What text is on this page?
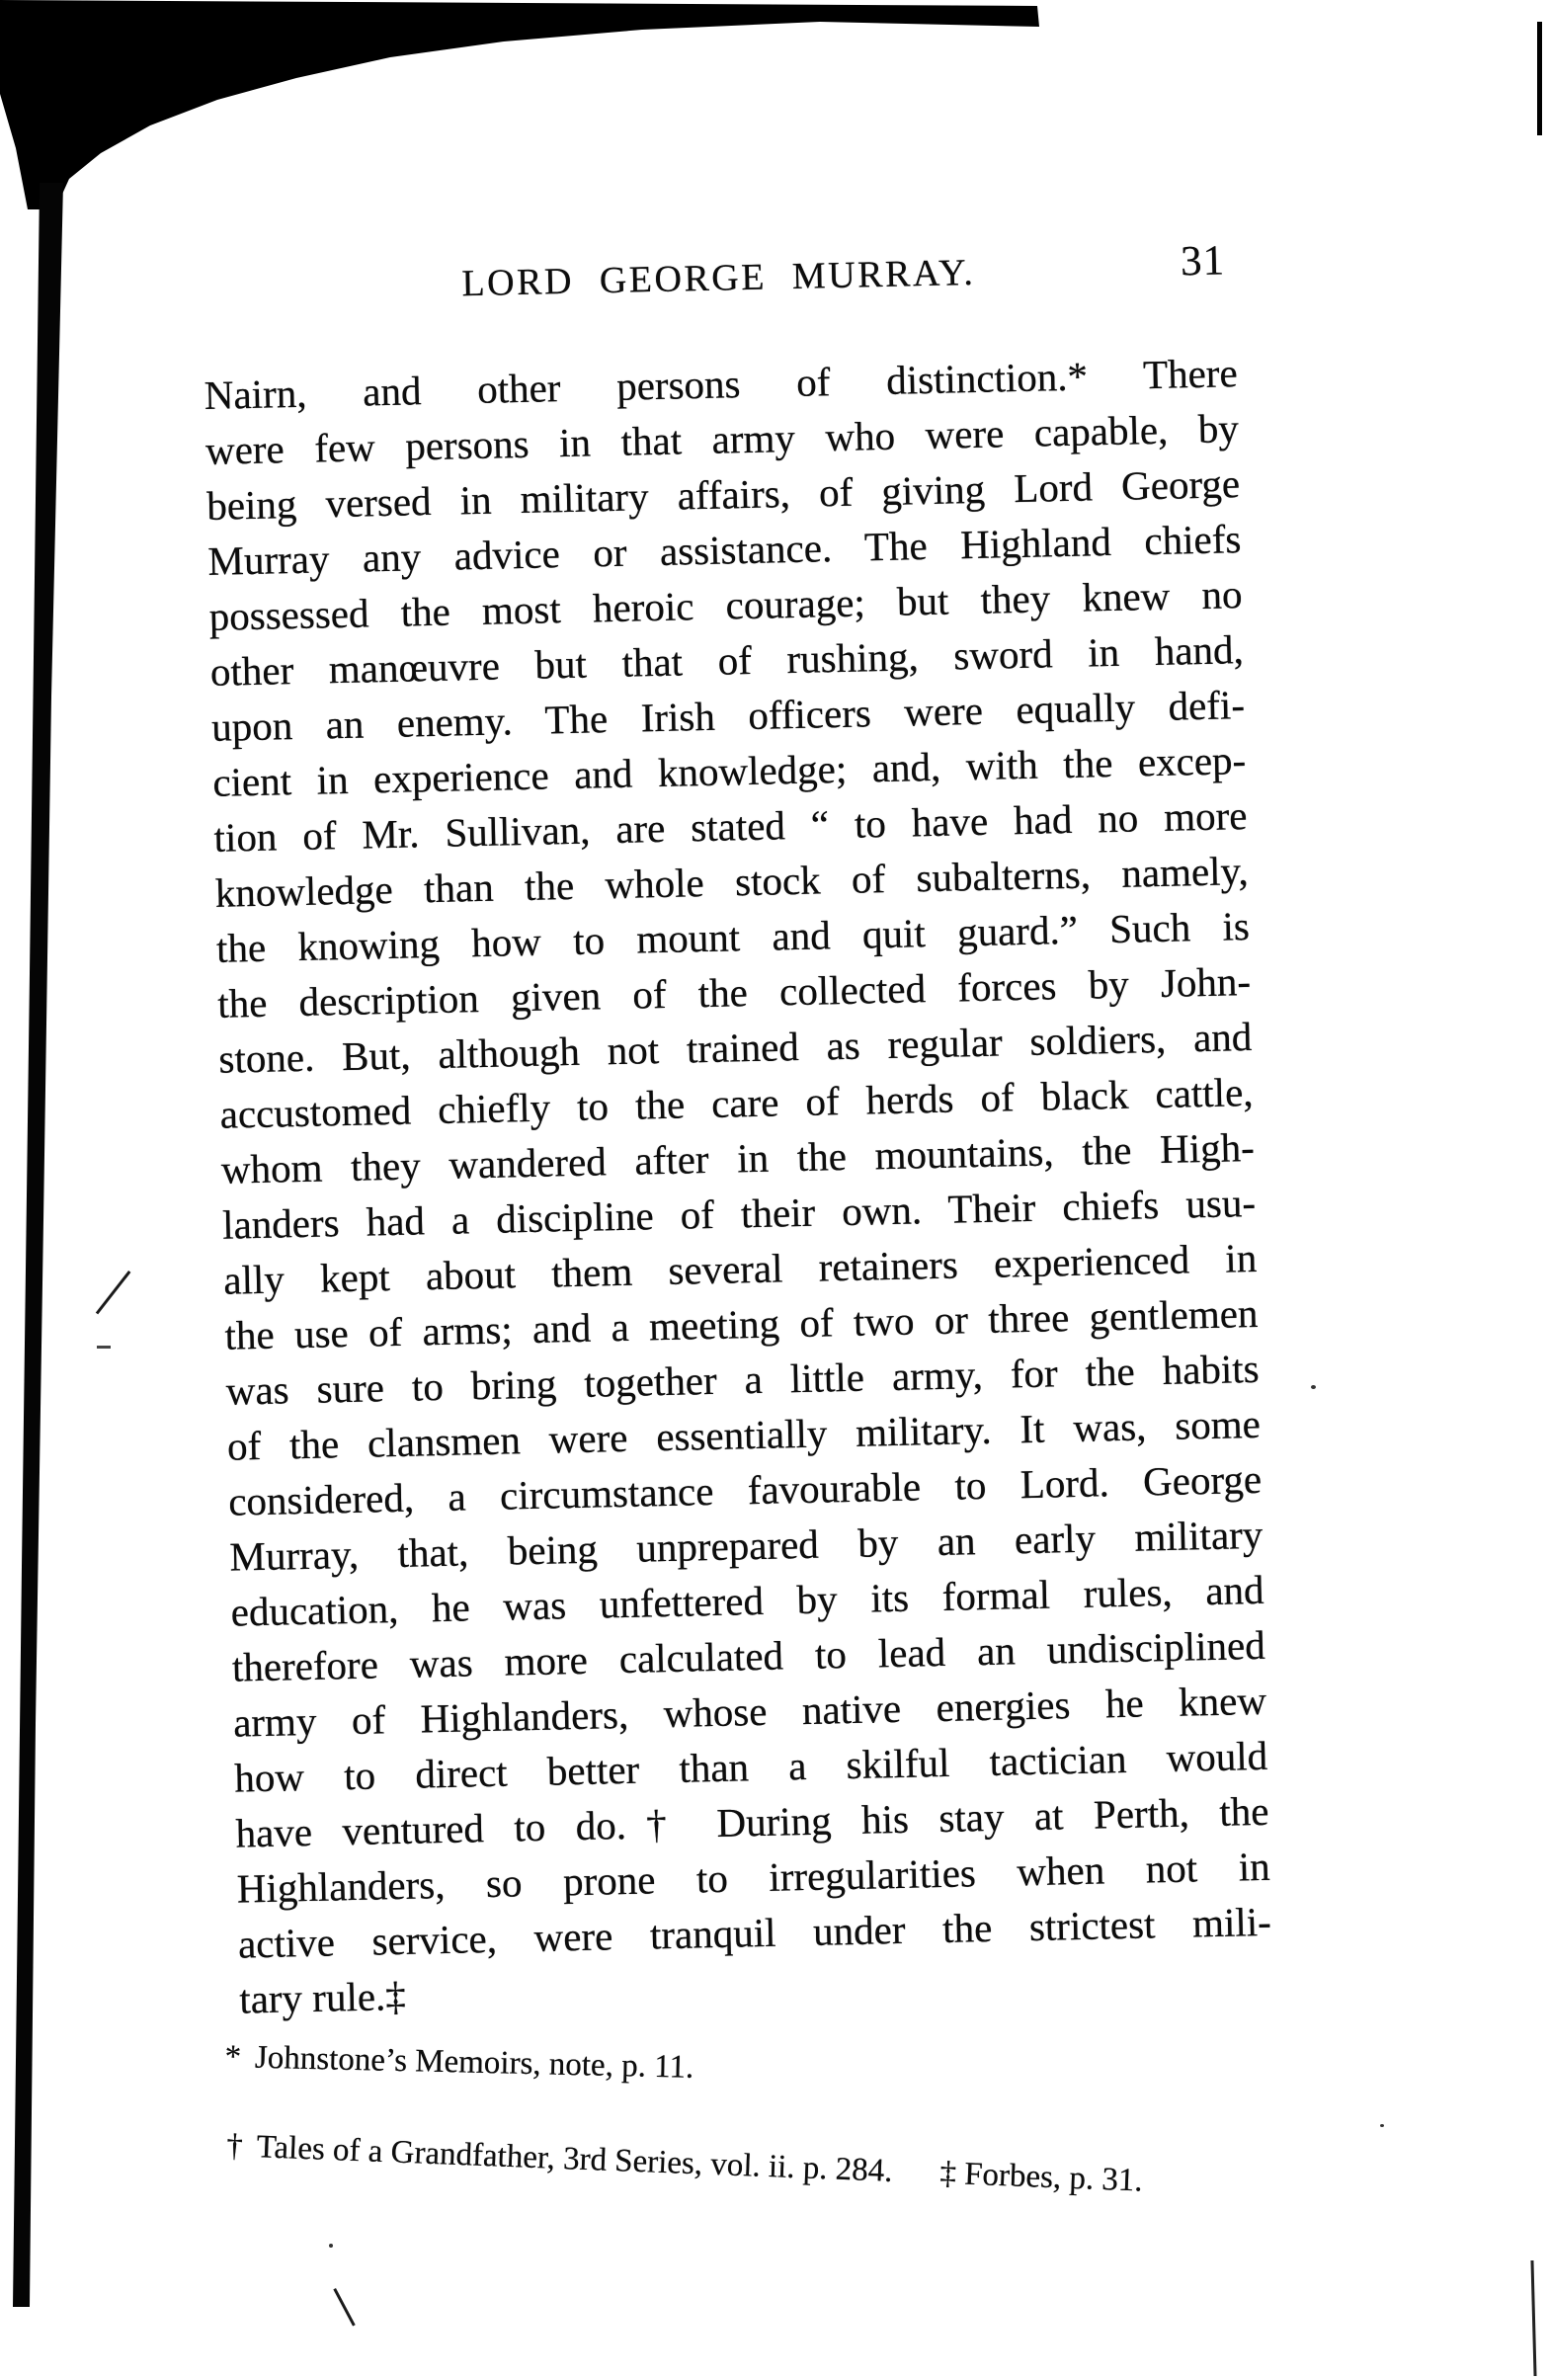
LORD GEORGE MURRAY.	31
Nairn, and other persons of distinction.* There
were few persons in that army who were capable, by
being versed in military affairs, of giving Lord George
Murray any advice or assistance. The Highland chiefs
possessed the most heroic courage; but they knew no
other manœuvre but that of rushing, sword in hand,
upon an enemy. The Irish officers were equally defi-
cient in experience and knowledge; and, with the excep-
tion of Mr. Sullivan, are stated “ to have had no more
knowledge than the whole stock of subalterns, namely,
the knowing how to mount and quit guard.” Such is
the description given of the collected forces by John-
stone. But, although not trained as regular soldiers, and
accustomed chiefly to the care of herds of black cattle,
whom they wandered after in the mountains, the High-
landers had a discipline of their own. Their chiefs usu-
ally kept about them several retainers experienced in
the use of arms; and a meeting of two or three gentlemen
was sure to bring together a little army, for the habits
of the clansmen were essentially military. It was, some
considered, a circumstance favourable to Lord. George
Murray, that, being unprepared by an early military
education, he was unfettered by its formal rules, and
therefore was more calculated to lead an undisciplined
army of Highlanders, whose native energies he knew
how to direct better than a skilful tactician would
have ventured to do.† During his stay at Perth, the
Highlanders, so prone to irregularities when not in
active service, were tranquil under the strictest mili-
tary rule.‡
* Johnstone’s Memoirs, note, p. 11.
† Tales of a Grandfather, 3rd Series, vol. ii. p. 284. ‡ Forbes, p. 31.
